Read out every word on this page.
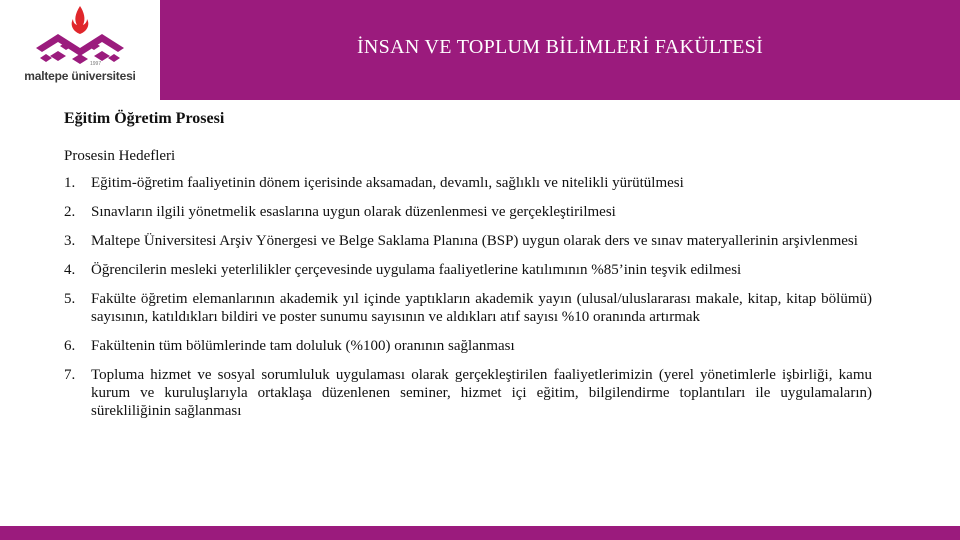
1997
maltepe üniversitesi
İNSAN VE TOPLUM BİLİMLERİ FAKÜLTESİ

Eğitim Öğretim Prosesi

Prosesin Hedefleri

1. Eğitim-öğretim faaliyetinin dönem içerisinde aksamadan, devamlı, sağlıklı ve nitelikli yürütülmesi
2. Sınavların ilgili yönetmelik esaslarına uygun olarak düzenlenmesi ve gerçekleştirilmesi
3. Maltepe Üniversitesi Arşiv Yönergesi ve Belge Saklama Planına (BSP) uygun olarak ders ve sınav materyallerinin arşivlenmesi
4. Öğrencilerin mesleki yeterlilikler çerçevesinde uygulama faaliyetlerine katılımının %85’inin teşvik edilmesi
5. Fakülte öğretim elemanlarının akademik yıl içinde yaptıkların akademik yayın (ulusal/uluslararası makale, kitap, kitap bölümü) sayısının, katıldıkları bildiri ve poster sunumu sayısının ve aldıkları atıf sayısı %10 oranında artırmak
6. Fakültenin tüm bölümlerinde tam doluluk (%100) oranının sağlanması
7. Topluma hizmet ve sosyal sorumluluk uygulaması olarak gerçekleştirilen faaliyetlerimizin (yerel yönetimlerle işbirliği, kamu kurum ve kuruluşlarıyla ortaklaşa düzenlenen seminer, hizmet içi eğitim, bilgilendirme toplantıları ile uygulamaların) sürekliliğinin sağlanması
